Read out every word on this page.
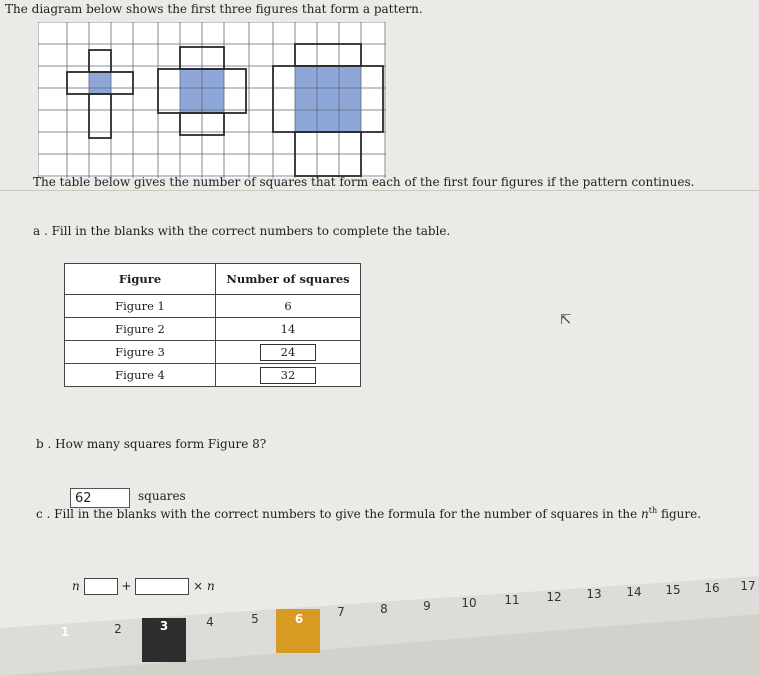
The diagram below shows the first three figures that form a pattern.
The table below gives the number of squares that form each of the first four figures if the pattern continues.
a . Fill in the blanks with the correct numbers to complete the table.
Figure	Number of squares
Figure 1	6
Figure 2	14
Figure 3	24
Figure 4	32
⇱
b . How many squares form Figure 8?
62	squares
c . Fill in the blanks with the correct numbers to give the formula for the number of squares in the $n^{th}$ figure.
n	+	× n
1	2	3	4	5	6	7	8	9	10	11	12	13	14	15	16	17
